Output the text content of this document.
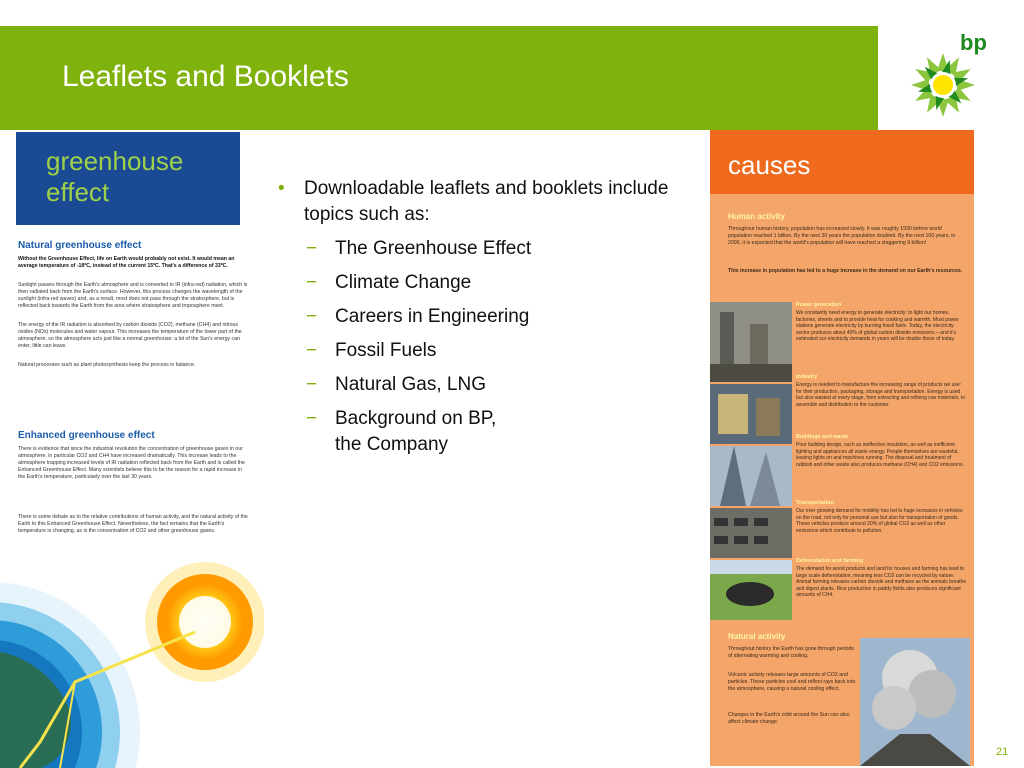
Leaflets and Booklets
bp
greenhouse
effect
Natural greenhouse effect

Without the Greenhouse Effect, life on Earth would probably not exist. It would mean an average temperature of -18ºC, instead of the current 15ºC. That's a difference of 33ºC.

Sunlight passes through the Earth's atmosphere and is converted to IR (infra-red) radiation, which is then radiated back from the Earth's surface. However, this process changes the wavelength of the sunlight (infra-red waves) and, as a result, most does not pass through the stratosphere, but is reflected back towards the Earth from the area where stratosphere and troposphere meet.

The energy of the IR radiation is absorbed by carbon dioxide (CO2), methane (CH4) and nitrous oxides (NOx) molecules and water vapour. This increases the temperature of the lower part of the atmosphere, so the atmosphere acts just like a normal greenhouse: a lot of the Sun's energy can enter, little can leave.

Natural processes such as plant photosynthesis keep the process in balance.

Enhanced greenhouse effect

There is evidence that since the industrial revolution the concentration of greenhouse gases in our atmosphere, in particular CO2 and CH4 have increased dramatically. This increase leads to the atmosphere trapping increased levels of IR radiation reflected back from the Earth and is called the Enhanced Greenhouse Effect. Many scientists believe this to be the reason for a rapid increase in the Earth's temperature, particularly over the last 30 years.

There is some debate as to the relative contributions of human activity, and the natural activity of the Earth to this Enhanced Greenhouse Effect. Nevertheless, the fact remains that the Earth's temperature is changing, as is the concentration of CO2 and other greenhouse gases.

• Downloadable leaflets and booklets include topics such as:
− The Greenhouse Effect
− Climate Change
− Careers in Engineering
− Fossil Fuels
− Natural Gas, LNG
− Background on BP,
the Company
causes
Human activity

Throughout human history, population has increased slowly. It was roughly 1930 before world population reached 1 billion. By the next 30 years the population doubled. By the next 100 years, in 2000, it is expected that the world's population will have reached a staggering 9 billion!

This increase in population has led to a huge increase in the demand on our Earth's resources.

Power generation

We constantly need energy to generate electricity: to light our homes, factories, streets and to provide heat for cooking and warmth. Most power stations generate electricity by burning fossil fuels. Today, the electricity sector produces about 40% of global carbon dioxide emissions – and it's estimated our electricity demands in years will be double those of today.

Industry

Energy is needed to manufacture the increasing range of products we use: for their production, packaging, storage and transportation. Energy is used but also wasted at every stage, from extracting and refining raw materials, to assemble and distribution to the customer.

Buildings and waste

Poor building design, such as ineffective insulation, as well as inefficient lighting and appliances all waste energy. People themselves are wasteful, leaving lights on and machines running. The disposal and treatment of rubbish and other waste also produces methane (CH4) and CO2 emissions.

Transportation

Our ever growing demand for mobility has led to huge increases in vehicles on the road, not only for personal use but also for transportation of goods. These vehicles produce around 20% of global CO2 as well as other emissions which contribute to pollution.

Deforestation and farming

The demand for wood products and land for houses and farming has lead to large scale deforestation, meaning less CO2 can be recycled by nature. Animal farming releases carbon dioxide and methane as the animals breathe and digest plants. Rice production in paddy fields also produces significant amounts of CH4.

Natural activity

Throughout history the Earth has gone through periods of alternating warming and cooling.

Volcanic activity releases large amounts of CO2 and particles. These particles cool and reflect rays back into the atmosphere, causing a natural cooling effect.

Changes in the Earth's orbit around the Sun can also affect climate change.

21
